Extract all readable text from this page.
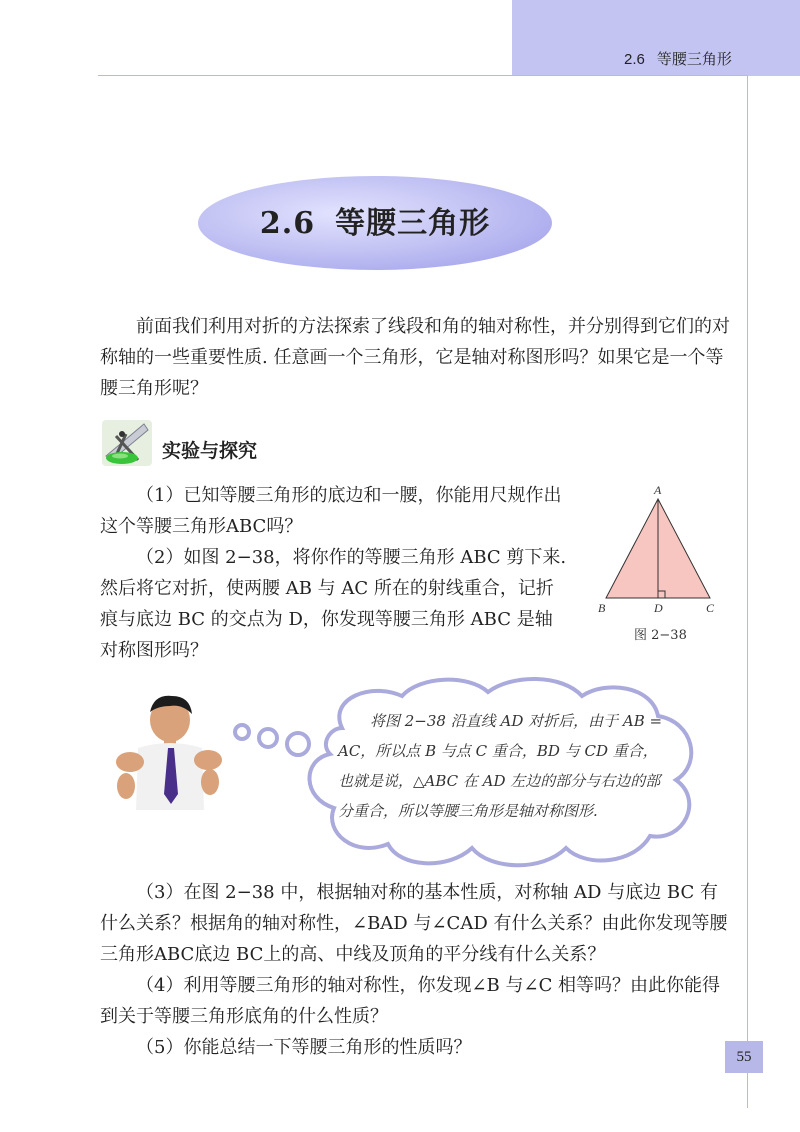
2.6 等腰三角形
2.6 等腰三角形
前面我们利用对折的方法探索了线段和角的轴对称性，并分别得到它们的对称轴的一些重要性质. 任意画一个三角形，它是轴对称图形吗？如果它是一个等腰三角形呢？
实验与探究

（1）已知等腰三角形的底边和一腰，你能用尺规作出这个等腰三角形ABC吗？

（2）如图 2−38，将你作的等腰三角形 ABC 剪下来. 然后将它对折，使两腰 AB 与 AC 所在的射线重合，记折痕与底边 BC 的交点为 D，你发现等腰三角形 ABC 是轴对称图形吗？

A
B	D	C
图 2−38
将图 2−38 沿直线 AD 对折后，由于 AB = AC，所以点 B 与点 C 重合，BD 与 CD 重合，也就是说，△ABC 在 AD 左边的部分与右边的部分重合，所以等腰三角形是轴对称图形.

（3）在图 2−38 中，根据轴对称的基本性质，对称轴 AD 与底边 BC 有什么关系？根据角的轴对称性，∠BAD 与∠CAD 有什么关系？由此你发现等腰三角形ABC底边 BC上的高、中线及顶角的平分线有什么关系？

（4）利用等腰三角形的轴对称性，你发现∠B 与∠C 相等吗？由此你能得到关于等腰三角形底角的什么性质？

（5）你能总结一下等腰三角形的性质吗？	55
